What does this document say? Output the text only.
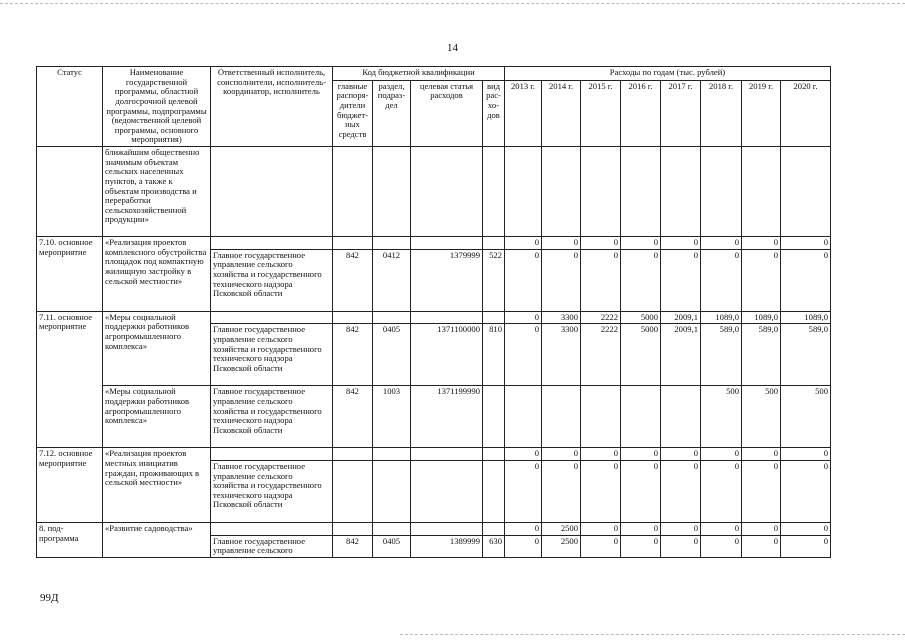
14
Статус	Наименование государственной программы, областной долгосрочной целевой программы, подпрограммы (ведомственной целевой программы, основного мероприятия)	Ответственный исполнитель, соисполнители, исполнитель-координатор, исполнитель	Код бюджетной квалификации				Расходы по годам (тыс. рублей)							
			главные распоря-дители бюджет-ных средств	раздел, подраз-дел	целевая статья расходов	вид рас-хо-дов	2013 г.	2014 г.	2015 г.	2016 г.	2017 г.	2018 г.	2019 г.	2020 г.
	ближайшим общественно значимым объектам сельских населенных пунктов, а также к объектам производства и переработки сельскохозяйственной продукции»													
7.10. основное мероприятие	«Реализация проектов комплексного обустройства площадок под компактную жилищную застройку в сельской местности»						0	0	0	0	0	0	0	0
		Главное государственное управление сельского хозяйства и государственного технического надзора Псковской области	842	0412	1379999	522	0	0	0	0	0	0	0	0
7.11. основное мероприятие	«Меры социальной поддержки работников агропромышленного комплекса»						0	3300	2222	5000	2009,1	1089,0	1089,0	1089,0
		Главное государственное управление сельского хозяйства и государственного технического надзора Псковской области	842	0405	1371100000	810	0	3300	2222	5000	2009,1	589,0	589,0	589,0
	«Меры социальной поддержки работников агропромышленного комплекса»	Главное государственное управление сельского хозяйства и государственного технического надзора Псковской области	842	1003	1371199990							500	500	500
7.12. основное мероприятие	«Реализация проектов местных инициатив граждан, проживающих в сельской местности»						0	0	0	0	0	0	0	0
		Главное государственное управление сельского хозяйства и государственного технического надзора Псковской области					0	0	0	0	0	0	0	0
8. под-программа	«Развитие садоводства»						0	2500	0	0	0	0	0	0
		Главное государственное управление сельского	842	0405	1389999	630	0	2500	0	0	0	0	0	0
99Д
